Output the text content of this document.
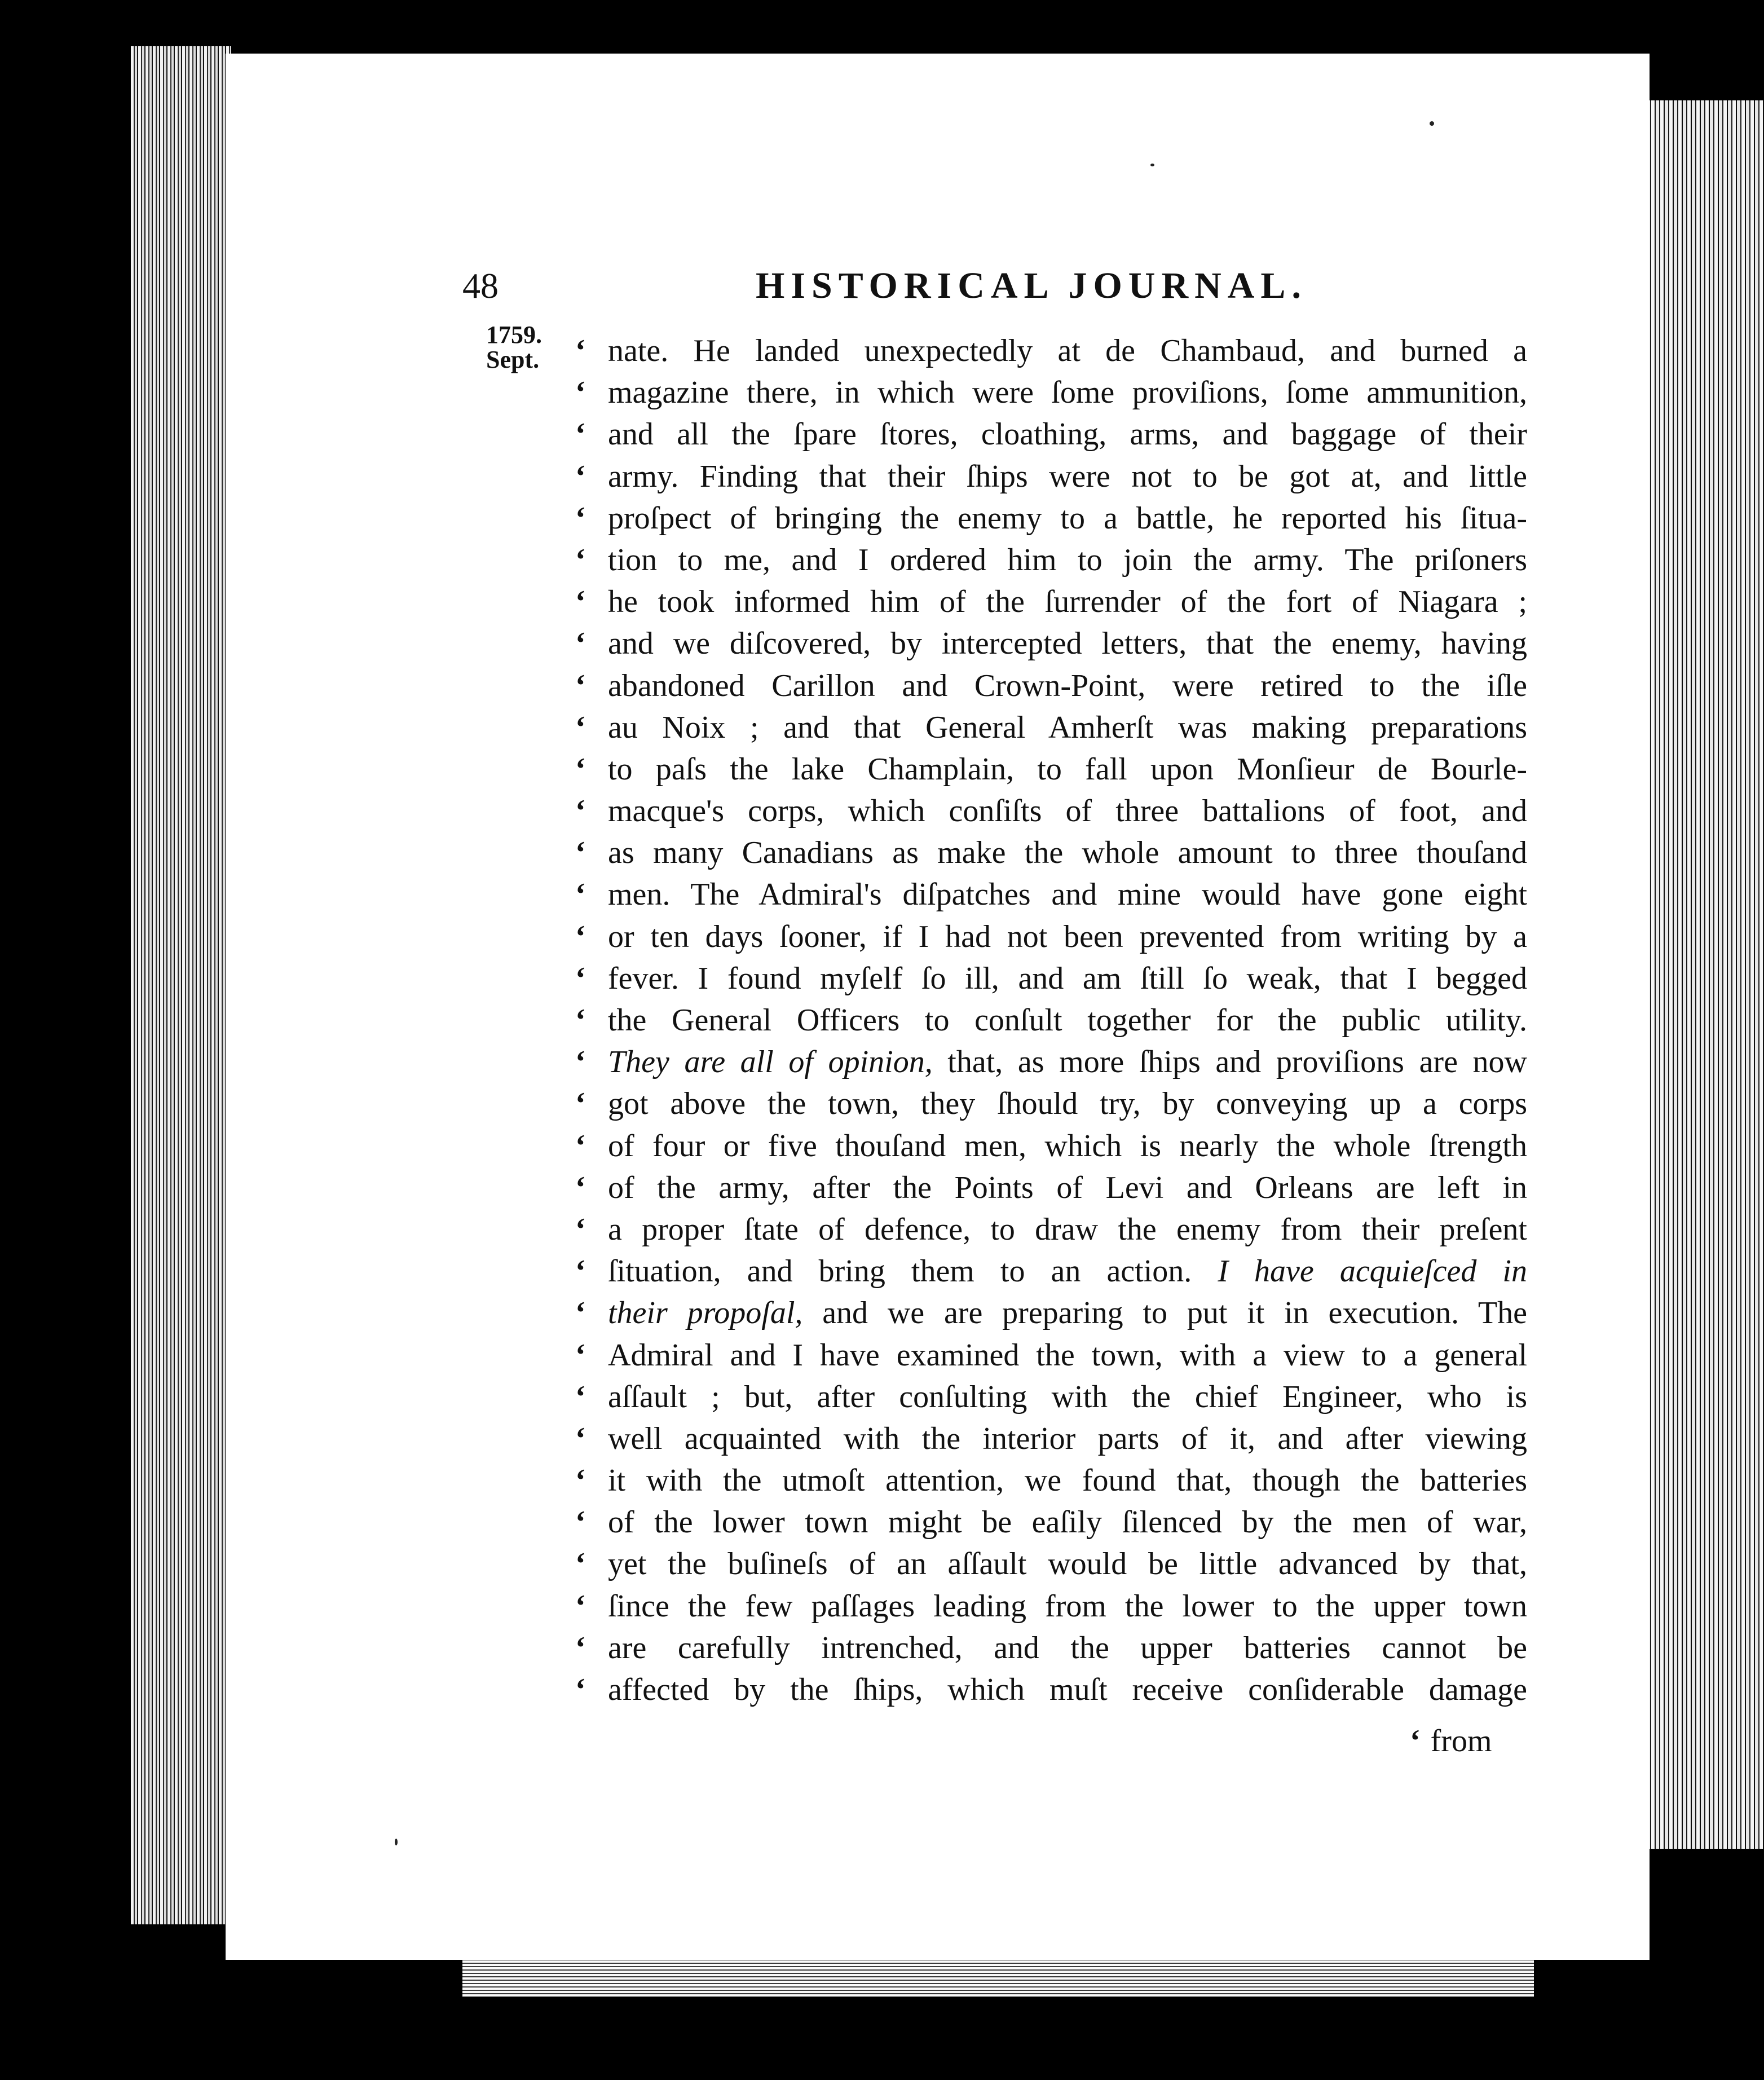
48	HISTORICAL JOURNAL.
1759.
Sept.	‘ nate. He landed unexpectedly at de Chambaud, and burned a
‘ magazine there, in which were ſome proviſions, ſome ammunition,
‘ and all the ſpare ſtores, cloathing, arms, and baggage of their
‘ army. Finding that their ſhips were not to be got at, and little
‘ proſpect of bringing the enemy to a battle, he reported his ſitua-
‘ tion to me, and I ordered him to join the army. The priſoners
‘ he took informed him of the ſurrender of the fort of Niagara ;
‘ and we diſcovered, by intercepted letters, that the enemy, having
‘ abandoned Carillon and Crown-Point, were retired to the iſle
‘ au Noix ; and that General Amherſt was making preparations
‘ to paſs the lake Champlain, to fall upon Monſieur de Bourle-
‘ macque's corps, which conſiſts of three battalions of foot, and
‘ as many Canadians as make the whole amount to three thouſand
‘ men. The Admiral's diſpatches and mine would have gone eight
‘ or ten days ſooner, if I had not been prevented from writing by a
‘ fever. I found myſelf ſo ill, and am ſtill ſo weak, that I begged
‘ the General Officers to conſult together for the public utility.
‘ They are all of opinion, that, as more ſhips and proviſions are now
‘ got above the town, they ſhould try, by conveying up a corps
‘ of four or five thouſand men, which is nearly the whole ſtrength
‘ of the army, after the Points of Levi and Orleans are left in
‘ a proper ſtate of defence, to draw the enemy from their preſent
‘ ſituation, and bring them to an action. I have acquieſced in
‘ their propoſal, and we are preparing to put it in execution. The
‘ Admiral and I have examined the town, with a view to a general
‘ aſſault ; but, after conſulting with the chief Engineer, who is
‘ well acquainted with the interior parts of it, and after viewing
‘ it with the utmoſt attention, we found that, though the batteries
‘ of the lower town might be eaſily ſilenced by the men of war,
‘ yet the buſineſs of an aſſault would be little advanced by that,
‘ ſince the few paſſages leading from the lower to the upper town
‘ are carefully intrenched, and the upper batteries cannot be
‘ affected by the ſhips, which muſt receive conſiderable damage
‘ from
